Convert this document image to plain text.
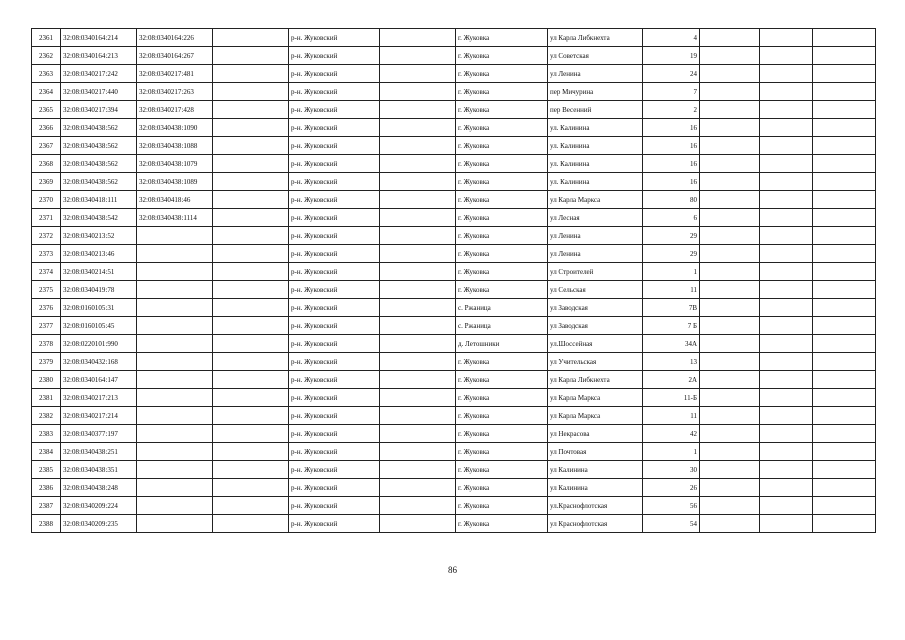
2361	32:08:0340164:214	32:08:0340164:226		р-н. Жуковский		г. Жуковка	ул Карла Либкнехта	4			
2362	32:08:0340164:213	32:08:0340164:267		р-н. Жуковский		г. Жуковка	ул Советская	19			
2363	32:08:0340217:242	32:08:0340217:481		р-н. Жуковский		г. Жуковка	ул Ленина	24			
2364	32:08:0340217:440	32:08:0340217:263		р-н. Жуковский		г. Жуковка	пер Мичурина	7			
2365	32:08:0340217:394	32:08:0340217:428		р-н. Жуковский		г. Жуковка	пер Весенний	2			
2366	32:08:0340438:562	32:08:0340438:1090		р-н. Жуковский		г. Жуковка	ул. Калинина	16			
2367	32:08:0340438:562	32:08:0340438:1088		р-н. Жуковский		г. Жуковка	ул. Калинина	16			
2368	32:08:0340438:562	32:08:0340438:1079		р-н. Жуковский		г. Жуковка	ул. Калинина	16			
2369	32:08:0340438:562	32:08:0340438:1089		р-н. Жуковский		г. Жуковка	ул. Калинина	16			
2370	32:08:0340418:111	32:08:0340418:46		р-н. Жуковский		г. Жуковка	ул Карла Маркса	80			
2371	32:08:0340438:542	32:08:0340438:1114		р-н. Жуковский		г. Жуковка	ул Лесная	6			
2372	32:08:0340213:52			р-н. Жуковский		г. Жуковка	ул Ленина	29			
2373	32:08:0340213:46			р-н. Жуковский		г. Жуковка	ул Ленина	29			
2374	32:08:0340214:51			р-н. Жуковский		г. Жуковка	ул Строителей	1			
2375	32:08:0340419:78			р-н. Жуковский		г. Жуковка	ул Сельская	11			
2376	32:08:0160105:31			р-н. Жуковский		с. Ржаница	ул Заводская	7В			
2377	32:08:0160105:45			р-н. Жуковский		с. Ржаница	ул Заводская	7 Б			
2378	32:08:0220101:990			р-н. Жуковский		д. Летошники	ул.Шоссейная	34А			
2379	32:08:0340432:168			р-н. Жуковский		г. Жуковка	ул Учительская	13			
2380	32:08:0340164:147			р-н. Жуковский		г. Жуковка	ул Карла Либкнехта	2А			
2381	32:08:0340217:213			р-н. Жуковский		г. Жуковка	ул Карла Маркса	11-Б			
2382	32:08:0340217:214			р-н. Жуковский		г. Жуковка	ул Карла Маркса	11			
2383	32:08:0340377:197			р-н. Жуковский		г. Жуковка	ул Некрасова	42			
2384	32:08:0340438:251			р-н. Жуковский		г. Жуковка	ул Почтовая	1			
2385	32:08:0340438:351			р-н. Жуковский		г. Жуковка	ул Калинина	30			
2386	32:08:0340438:248			р-н. Жуковский		г. Жуковка	ул Калинина	26			
2387	32:08:0340209:224			р-н. Жуковский		г. Жуковка	ул.Краснофлотская	56			
2388	32:08:0340209:235			р-н. Жуковский		г. Жуковка	ул Краснофлотская	54			
86
